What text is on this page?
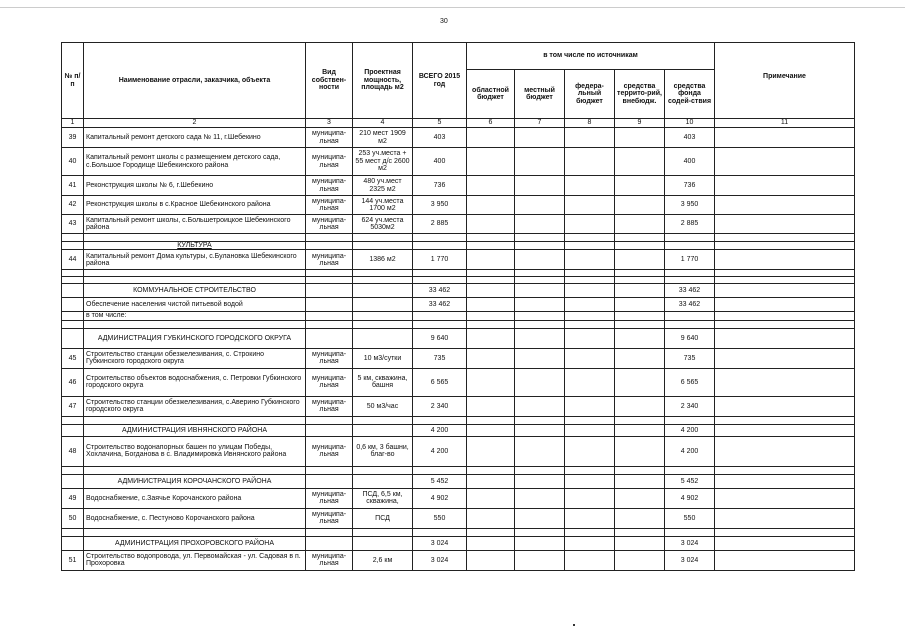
30
№ п/п	Наименование отрасли, заказчика, объекта	Вид собствен-ности	Проектная мощность, площадь м2	ВСЕГО 2015 год	в том числе по источникам					Примечание
					областной бюджет	местный бюджет	федера-льный бюджет	средства террито-рий, внебюдж.	средства фонда содей-ствия	
1	2	3	4	5	6	7	8	9	10	11
39	Капитальный ремонт детского сада № 11, г.Шебекино	муниципа-льная	210 мест 1909 м2	403					403	
40	Капитальный ремонт школы с размещением детского сада, с.Большое Городище Шебекинского района	муниципа-льная	253 уч.места + 55 мест д/с 2600 м2	400					400	
41	Реконструкция школы № 6, г.Шебекино	муниципа-льная	480 уч.мест 2325 м2	736					736	
42	Реконструкция школы в с.Красное Шебекинского района	муниципа-льная	144 уч.места 1700 м2	3 950					3 950	
43	Капитальный ремонт школы, с.Большетроицкое Шебекинского района	муниципа-льная	624 уч.места 5030м2	2 885					2 885	

	КУЛЬТУРА									
44	Капитальный ремонт Дома культуры, с.Булановка Шебекинского района	муниципа-льная	1386 м2	1 770					1 770	

	КОММУНАЛЬНОЕ СТРОИТЕЛЬСТВО			33 462					33 462	
	Обеспечение населения чистой питьевой водой			33 462					33 462	
	в том числе:									

	АДМИНИСТРАЦИЯ ГУБКИНСКОГО ГОРОДСКОГО ОКРУГА			9 640					9 640	
45	Строительство станции обезжелезивания, с. Строкино Губкинского городского округа	муниципа-льная	10 м3/сутки	735					735	
46	Строительство объектов водоснабжения, с. Петровки Губкинского городского округа	муниципа-льная	5 км, скважина, башня	6 565					6 565	
47	Строительство станции обезжелезивания, с.Аверино Губкинского городского округа	муниципа-льная	50 м3/час	2 340					2 340	

	АДМИНИСТРАЦИЯ ИВНЯНСКОГО РАЙОНА			4 200					4 200	
48	Строительство водонапорных башен по улицам Победы, Хохлачина, Богданова в с. Владимировка Ивнянского района	муниципа-льная	0,6 км, 3 башни, благ-во	4 200					4 200	

	АДМИНИСТРАЦИЯ КОРОЧАНСКОГО РАЙОНА			5 452					5 452	
49	Водоснабжение, с.Заячье Корочанского района	муниципа-льная	ПСД, 6,5 км, скважина,	4 902					4 902	
50	Водоснабжение, с. Пестуново Корочанского района	муниципа-льная	ПСД	550					550	

	АДМИНИСТРАЦИЯ ПРОХОРОВСКОГО РАЙОНА			3 024					3 024	
51	Строительство водопровода, ул. Первомайская - ул. Садовая в п. Прохоровка	муниципа-льная	2,6 км	3 024					3 024	
